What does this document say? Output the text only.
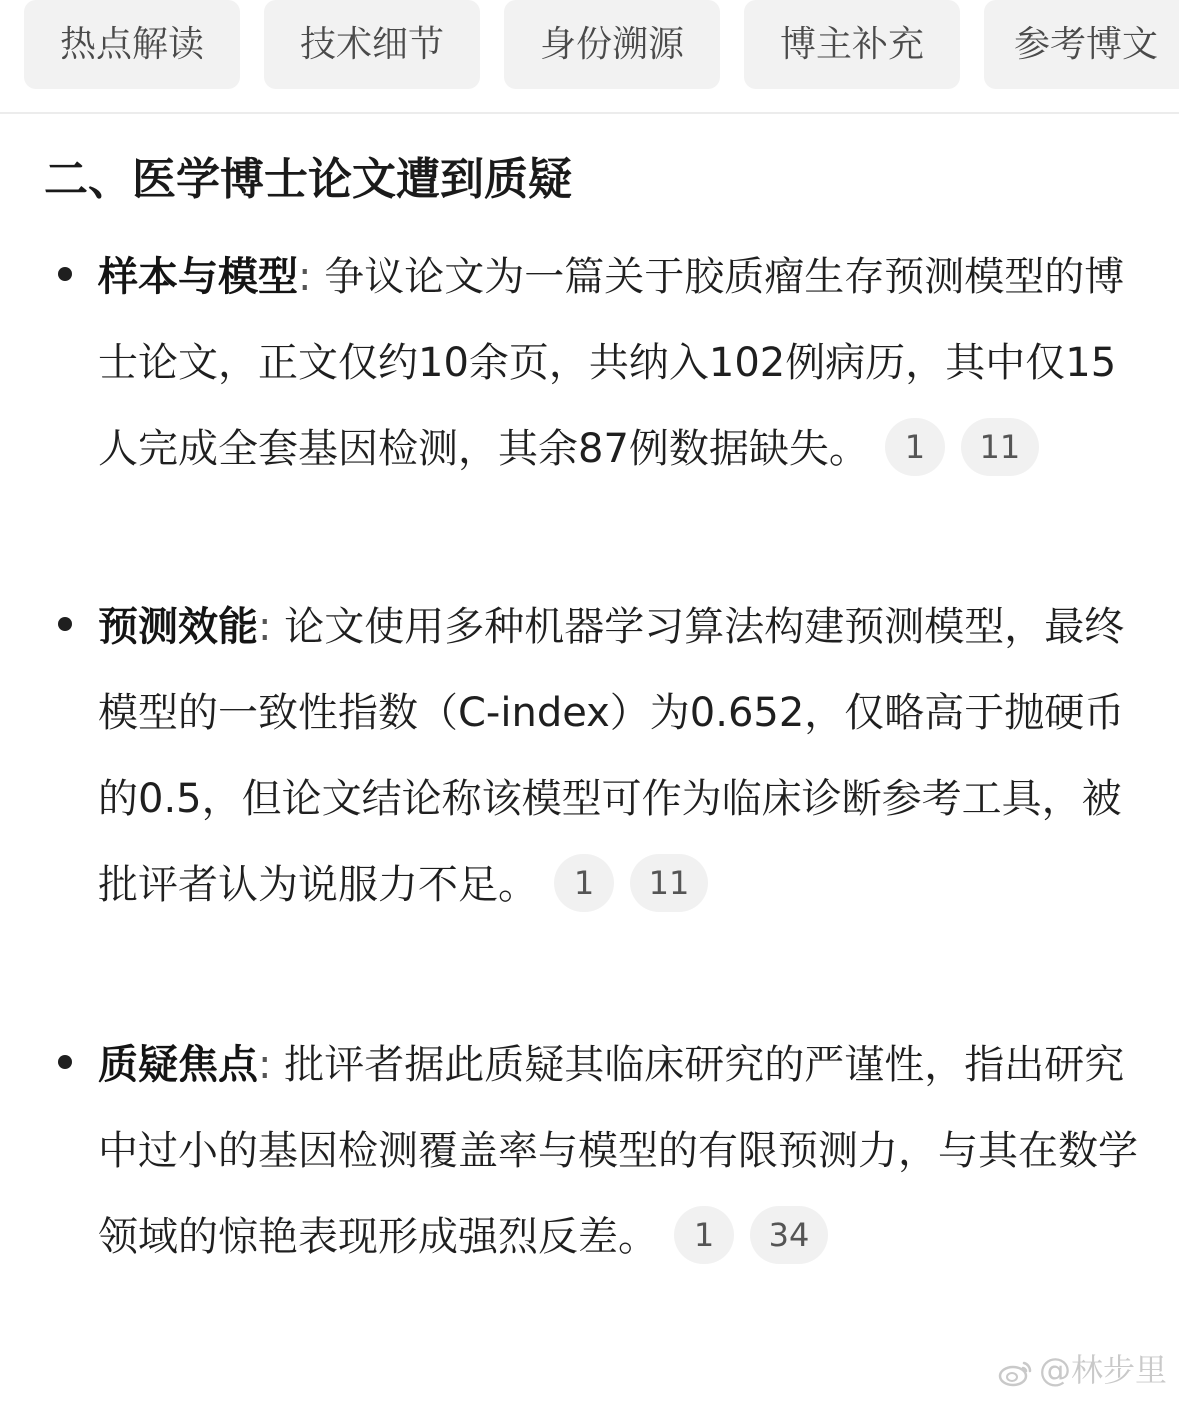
热点解读	技术细节	身份溯源	博主补充	参考博文
二、医学博士论文遭到质疑
样本与模型: 争议论文为一篇关于胶质瘤生存预测模型的博士论文，正文仅约10余页，共纳入102例病历，其中仅15人完成全套基因检测，其余87例数据缺失。 1 11
预测效能: 论文使用多种机器学习算法构建预测模型，最终模型的一致性指数（C-index）为0.652，仅略高于抛硬币的0.5，但论文结论称该模型可作为临床诊断参考工具，被批评者认为说服力不足。 1 11
质疑焦点: 批评者据此质疑其临床研究的严谨性，指出研究中过小的基因检测覆盖率与模型的有限预测力，与其在数学领域的惊艳表现形成强烈反差。 1 34
@林步里
